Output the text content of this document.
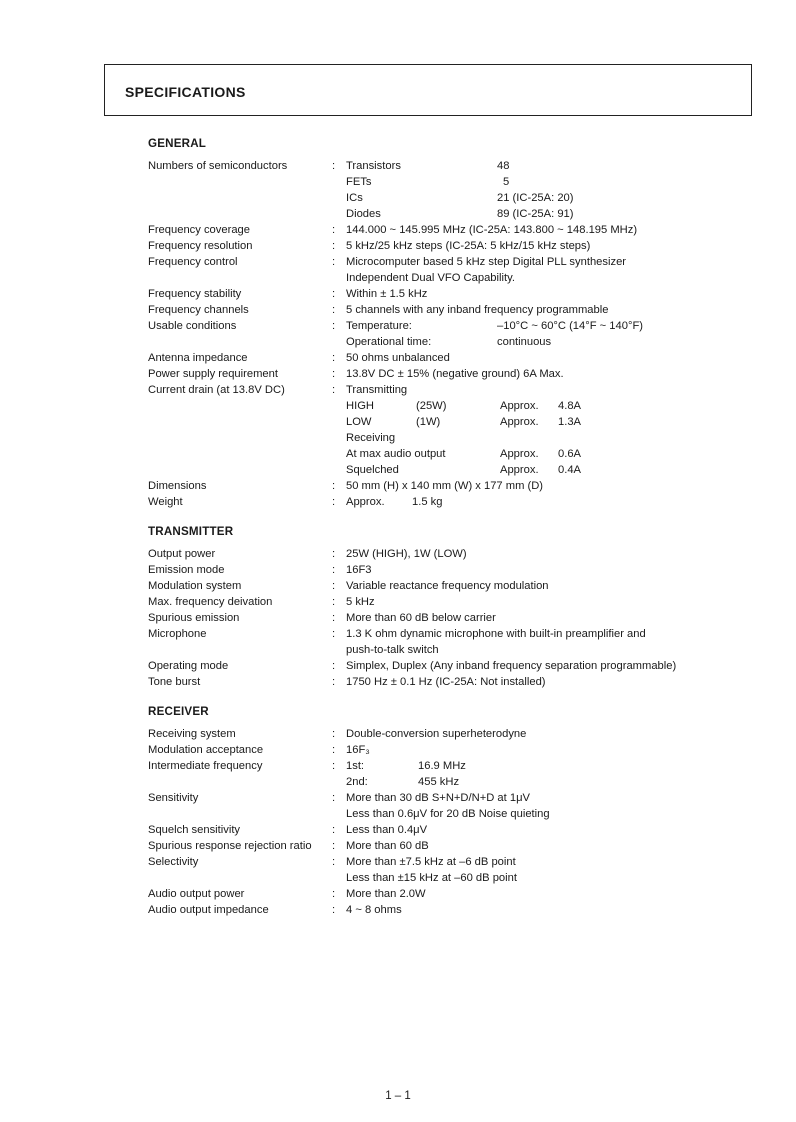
SPECIFICATIONS
GENERAL
Numbers of semiconductors	: Transistors	48
FETs	5
ICs	21 (IC-25A: 20)
Diodes	89 (IC-25A: 91)
Frequency coverage	: 144.000 ~ 145.995 MHz (IC-25A: 143.800 ~ 148.195 MHz)
Frequency resolution	: 5 kHz/25 kHz steps (IC-25A: 5 kHz/15 kHz steps)
Frequency control	: Microcomputer based 5 kHz step Digital PLL synthesizer
Independent Dual VFO Capability.
Frequency stability	: Within ± 1.5 kHz
Frequency channels	: 5 channels with any inband frequency programmable
Usable conditions	: Temperature:	–10°C ~ 60°C (14°F ~ 140°F)
Operational time:	continuous
Antenna impedance	: 50 ohms unbalanced
Power supply requirement	: 13.8V DC ± 15% (negative ground) 6A Max.
Current drain (at 13.8V DC)	: Transmitting
HIGH	(25W)	Approx.	4.8A
LOW	(1W)	Approx.	1.3A
Receiving
At max audio output	Approx.	0.6A
Squelched	Approx.	0.4A
Dimensions	: 50 mm (H) x 140 mm (W) x 177 mm (D)
Weight	: Approx.	1.5 kg
TRANSMITTER
Output power	: 25W (HIGH), 1W (LOW)
Emission mode	: 16F3
Modulation system	: Variable reactance frequency modulation
Max. frequency deivation	: 5 kHz
Spurious emission	: More than 60 dB below carrier
Microphone	: 1.3 K ohm dynamic microphone with built-in preamplifier and
push-to-talk switch
Operating mode	: Simplex, Duplex (Any inband frequency separation programmable)
Tone burst	: 1750 Hz ± 0.1 Hz (IC-25A: Not installed)
RECEIVER
Receiving system	: Double-conversion superheterodyne
Modulation acceptance	: 16F₃
Intermediate frequency	: 1st:	16.9 MHz
2nd:	455 kHz
Sensitivity	: More than 30 dB S+N+D/N+D at 1μV
Less than 0.6μV for 20 dB Noise quieting
Squelch sensitivity	: Less than 0.4μV
Spurious response rejection ratio	: More than 60 dB
Selectivity	: More than ±7.5 kHz at –6 dB point
Less than ±15 kHz at –60 dB point
Audio output power	: More than 2.0W
Audio output impedance	: 4 ~ 8 ohms
1 – 1
